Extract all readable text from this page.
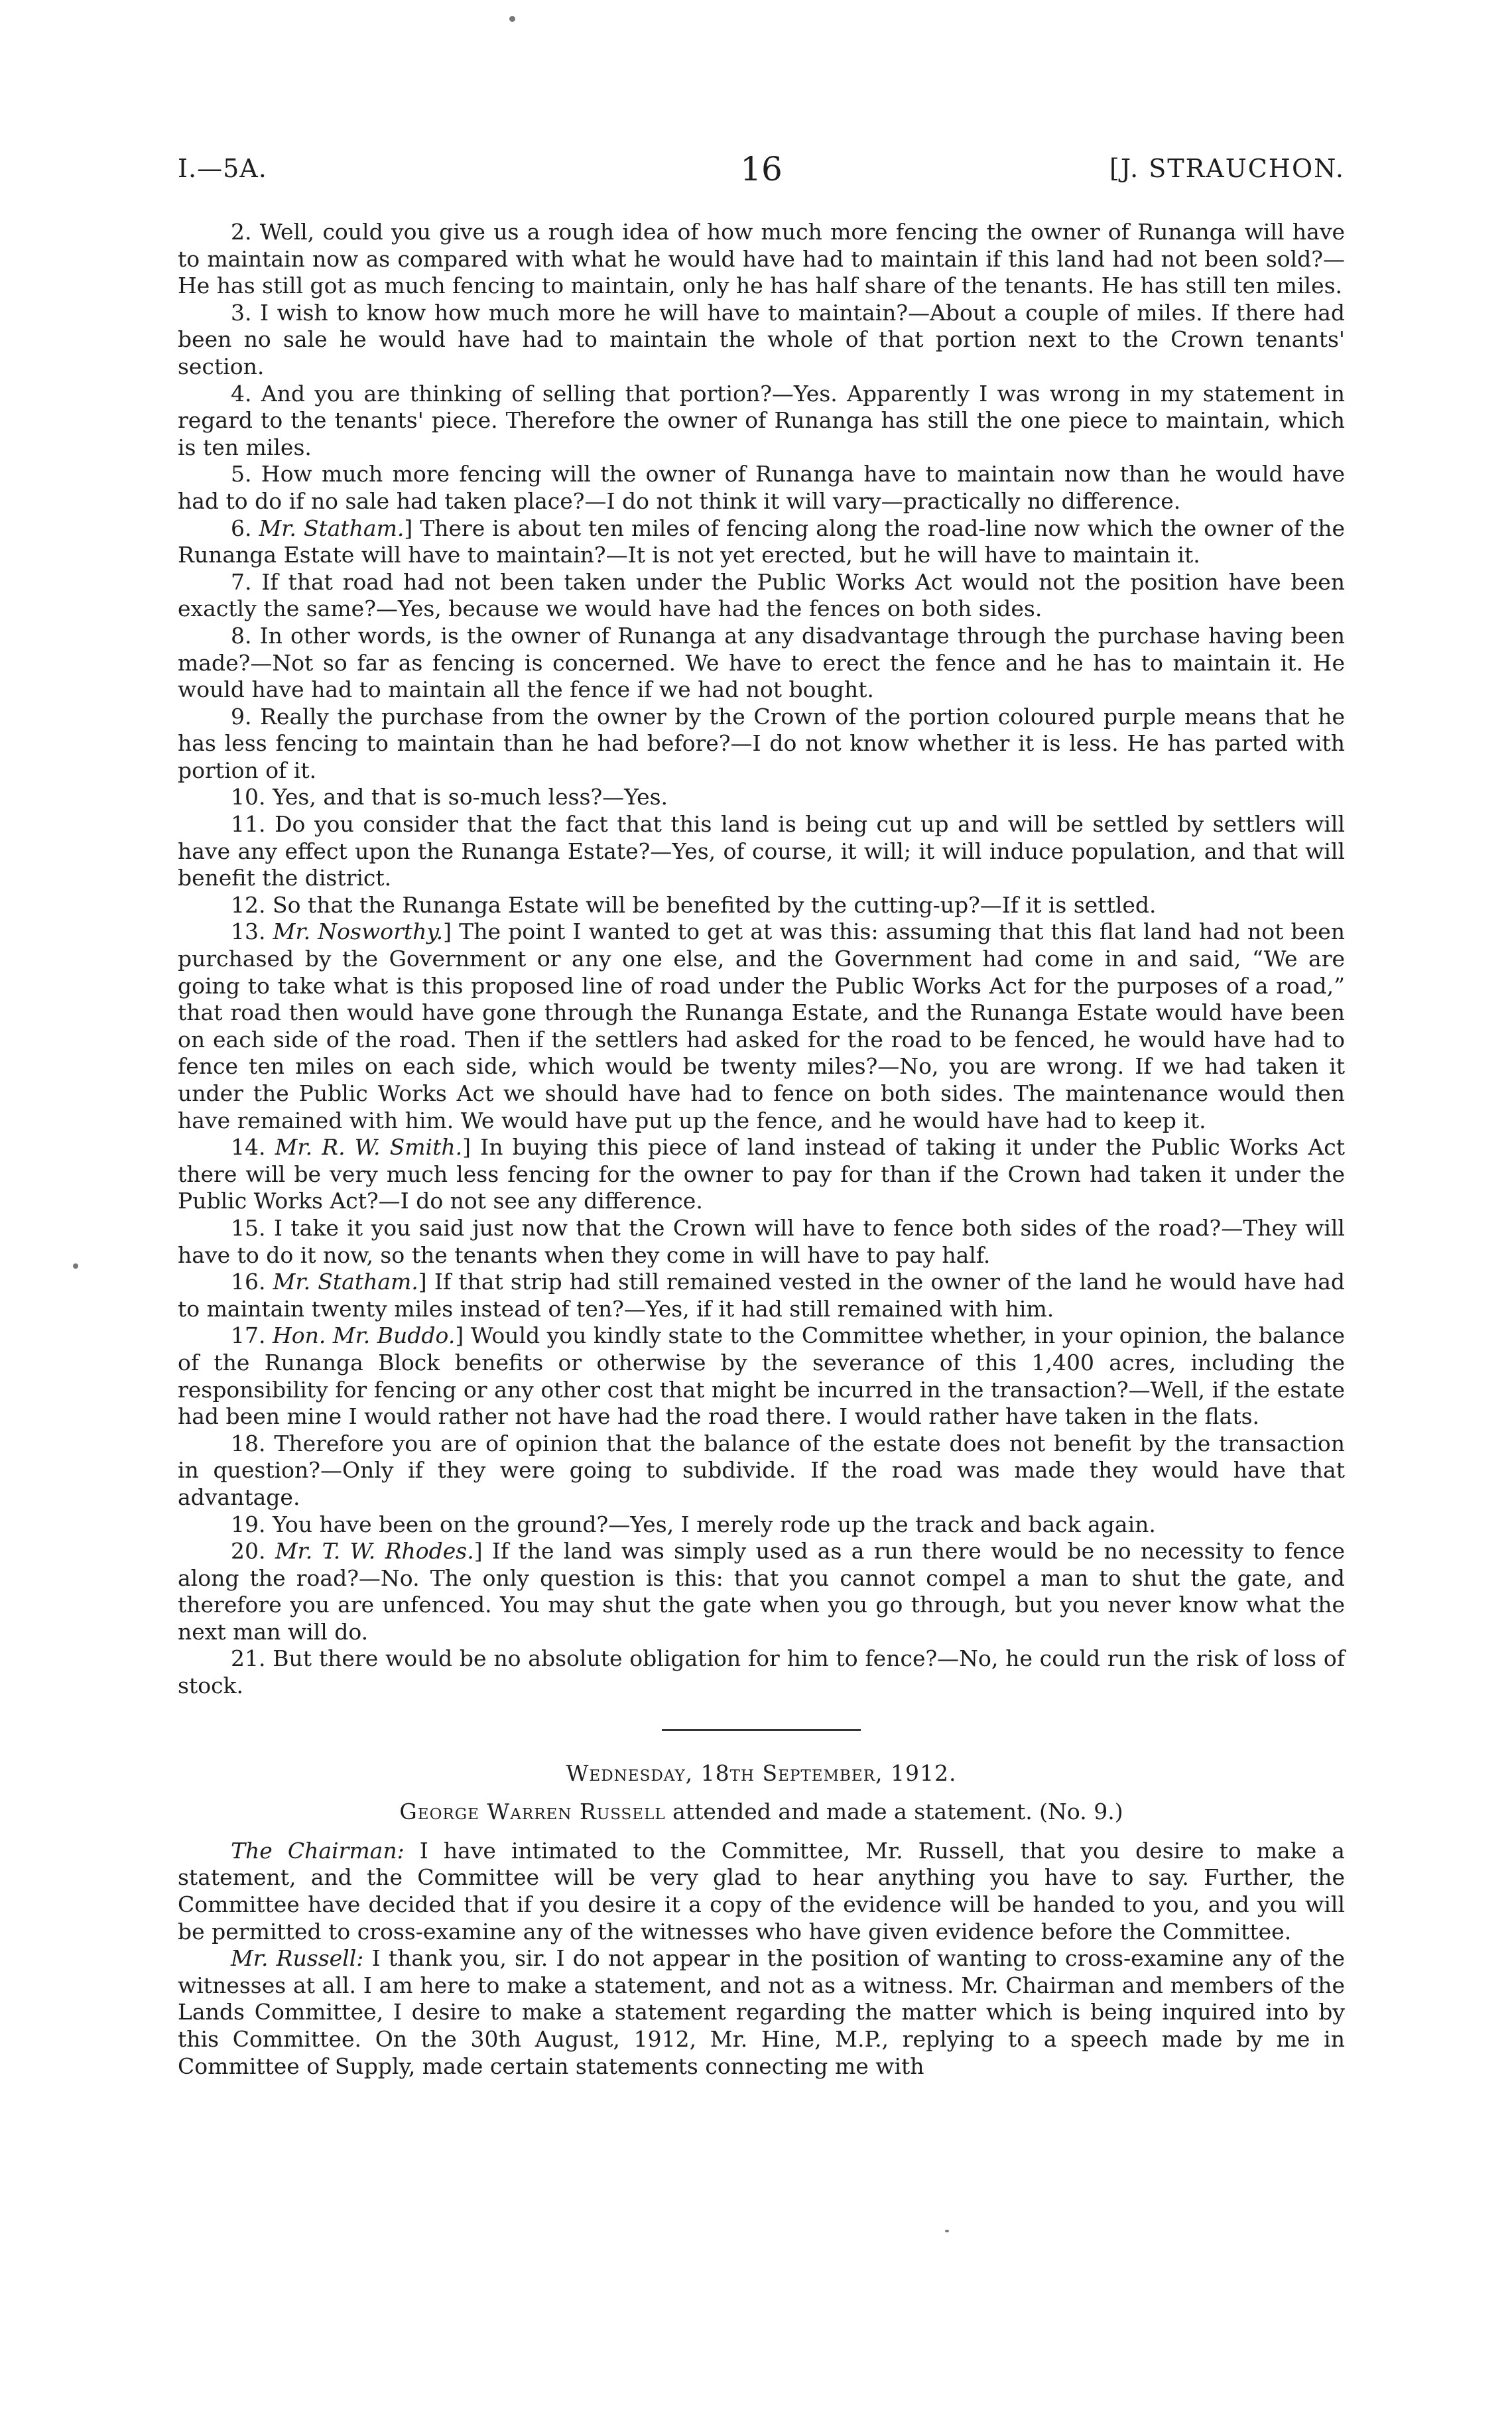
I.—5A.	16	[J. STRAUCHON.

2. Well, could you give us a rough idea of how much more fencing the owner of Runanga will have to maintain now as compared with what he would have had to maintain if this land had not been sold?—He has still got as much fencing to maintain, only he has half share of the tenants. He has still ten miles.

3. I wish to know how much more he will have to maintain?—About a couple of miles. If there had been no sale he would have had to maintain the whole of that portion next to the Crown tenants' section.

4. And you are thinking of selling that portion?—Yes. Apparently I was wrong in my statement in regard to the tenants' piece. Therefore the owner of Runanga has still the one piece to maintain, which is ten miles.

5. How much more fencing will the owner of Runanga have to maintain now than he would have had to do if no sale had taken place?—I do not think it will vary—practically no difference.

6. Mr. Statham.] There is about ten miles of fencing along the road-line now which the owner of the Runanga Estate will have to maintain?—It is not yet erected, but he will have to maintain it.

7. If that road had not been taken under the Public Works Act would not the position have been exactly the same?—Yes, because we would have had the fences on both sides.

8. In other words, is the owner of Runanga at any disadvantage through the purchase having been made?—Not so far as fencing is concerned. We have to erect the fence and he has to maintain it. He would have had to maintain all the fence if we had not bought.

9. Really the purchase from the owner by the Crown of the portion coloured purple means that he has less fencing to maintain than he had before?—I do not know whether it is less. He has parted with portion of it.

10. Yes, and that is so-much less?—Yes.

11. Do you consider that the fact that this land is being cut up and will be settled by settlers will have any effect upon the Runanga Estate?—Yes, of course, it will; it will induce population, and that will benefit the district.

12. So that the Runanga Estate will be benefited by the cutting-up?—If it is settled.

13. Mr. Nosworthy.] The point I wanted to get at was this: assuming that this flat land had not been purchased by the Government or any one else, and the Government had come in and said, “We are going to take what is this proposed line of road under the Public Works Act for the purposes of a road,” that road then would have gone through the Runanga Estate, and the Runanga Estate would have been on each side of the road. Then if the settlers had asked for the road to be fenced, he would have had to fence ten miles on each side, which would be twenty miles?—No, you are wrong. If we had taken it under the Public Works Act we should have had to fence on both sides. The maintenance would then have remained with him. We would have put up the fence, and he would have had to keep it.

14. Mr. R. W. Smith.] In buying this piece of land instead of taking it under the Public Works Act there will be very much less fencing for the owner to pay for than if the Crown had taken it under the Public Works Act?—I do not see any difference.

15. I take it you said just now that the Crown will have to fence both sides of the road?—They will have to do it now, so the tenants when they come in will have to pay half.

16. Mr. Statham.] If that strip had still remained vested in the owner of the land he would have had to maintain twenty miles instead of ten?—Yes, if it had still remained with him.

17. Hon. Mr. Buddo.] Would you kindly state to the Committee whether, in your opinion, the balance of the Runanga Block benefits or otherwise by the severance of this 1,400 acres, including the responsibility for fencing or any other cost that might be incurred in the transaction?—Well, if the estate had been mine I would rather not have had the road there. I would rather have taken in the flats.

18. Therefore you are of opinion that the balance of the estate does not benefit by the transaction in question?—Only if they were going to subdivide. If the road was made they would have that advantage.

19. You have been on the ground?—Yes, I merely rode up the track and back again.

20. Mr. T. W. Rhodes.] If the land was simply used as a run there would be no necessity to fence along the road?—No. The only question is this: that you cannot compel a man to shut the gate, and therefore you are unfenced. You may shut the gate when you go through, but you never know what the next man will do.

21. But there would be no absolute obligation for him to fence?—No, he could run the risk of loss of stock.

Wednesday, 18th September, 1912.

George Warren Russell attended and made a statement. (No. 9.)

The Chairman: I have intimated to the Committee, Mr. Russell, that you desire to make a statement, and the Committee will be very glad to hear anything you have to say. Further, the Committee have decided that if you desire it a copy of the evidence will be handed to you, and you will be permitted to cross-examine any of the witnesses who have given evidence before the Committee.

Mr. Russell: I thank you, sir. I do not appear in the position of wanting to cross-examine any of the witnesses at all. I am here to make a statement, and not as a witness. Mr. Chairman and members of the Lands Committee, I desire to make a statement regarding the matter which is being inquired into by this Committee. On the 30th August, 1912, Mr. Hine, M.P., replying to a speech made by me in Committee of Supply, made certain statements connecting me with
